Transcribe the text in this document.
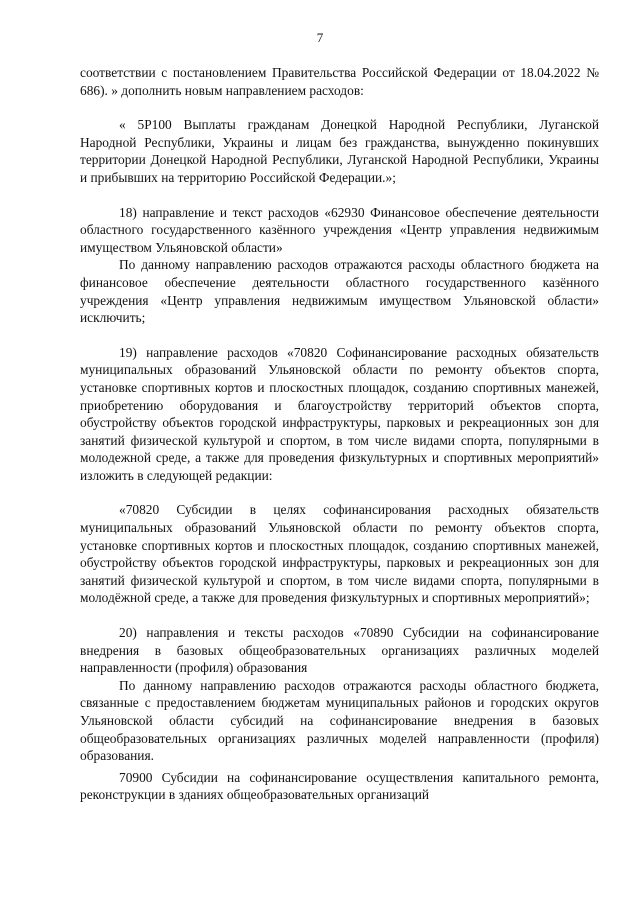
7

соответствии с постановлением Правительства Российской Федерации от 18.04.2022 № 686). » дополнить новым направлением расходов:

« 5Р100 Выплаты гражданам Донецкой Народной Республики, Луганской Народной Республики, Украины и лицам без гражданства, вынужденно покинувших территории Донецкой Народной Республики, Луганской Народной Республики, Украины и прибывших на территорию Российской Федерации.»;

18) направление и текст расходов «62930 Финансовое обеспечение деятельности областного государственного казённого учреждения «Центр управления недвижимым имуществом Ульяновской области»

По данному направлению расходов отражаются расходы областного бюджета на финансовое обеспечение деятельности областного государственного казённого учреждения «Центр управления недвижимым имуществом Ульяновской области» исключить;

19) направление расходов «70820 Софинансирование расходных обязательств муниципальных образований Ульяновской области по ремонту объектов спорта, установке спортивных кортов и плоскостных площадок, созданию спортивных манежей, приобретению оборудования и благоустройству территорий объектов спорта, обустройству объектов городской инфраструктуры, парковых и рекреационных зон для занятий физической культурой и спортом, в том числе видами спорта, популярными в молодежной среде, а также для проведения физкультурных и спортивных мероприятий» изложить в следующей редакции:

«70820 Субсидии в целях софинансирования расходных обязательств муниципальных образований Ульяновской области по ремонту объектов спорта, установке спортивных кортов и плоскостных площадок, созданию спортивных манежей, обустройству объектов городской инфраструктуры, парковых и рекреационных зон для занятий физической культурой и спортом, в том числе видами спорта, популярными в молодёжной среде, а также для проведения физкультурных и спортивных мероприятий»;

20) направления и тексты расходов «70890 Субсидии на софинансирование внедрения в базовых общеобразовательных организациях различных моделей направленности (профиля) образования

По данному направлению расходов отражаются расходы областного бюджета, связанные с предоставлением бюджетам муниципальных районов и городских округов Ульяновской области субсидий на софинансирование внедрения в базовых общеобразовательных организациях различных моделей направленности (профиля) образования.

70900 Субсидии на софинансирование осуществления капитального ремонта, реконструкции в зданиях общеобразовательных организаций
